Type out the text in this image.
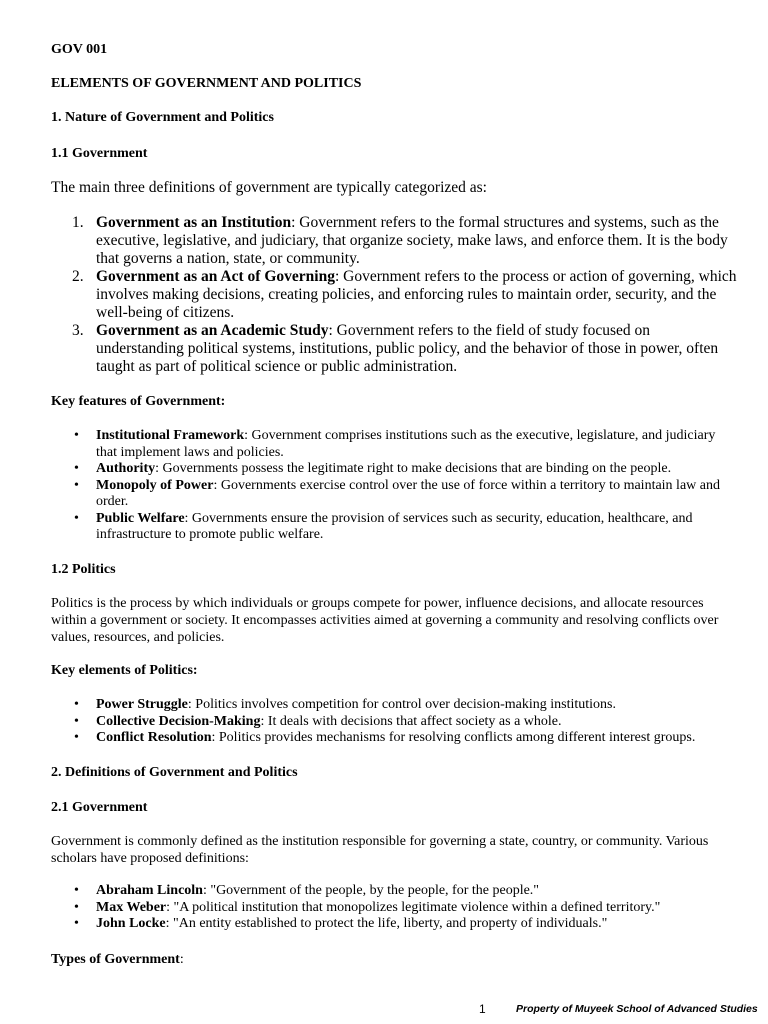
GOV 001

ELEMENTS OF GOVERNMENT AND POLITICS

1. Nature of Government and Politics

1.1 Government

The main three definitions of government are typically categorized as:

1. Government as an Institution: Government refers to the formal structures and systems, such as the executive, legislative, and judiciary, that organize society, make laws, and enforce them. It is the body that governs a nation, state, or community.
2. Government as an Act of Governing: Government refers to the process or action of governing, which involves making decisions, creating policies, and enforcing rules to maintain order, security, and the well-being of citizens.
3. Government as an Academic Study: Government refers to the field of study focused on understanding political systems, institutions, public policy, and the behavior of those in power, often taught as part of political science or public administration.

Key features of Government:

• Institutional Framework: Government comprises institutions such as the executive, legislature, and judiciary that implement laws and policies.
• Authority: Governments possess the legitimate right to make decisions that are binding on the people.
• Monopoly of Power: Governments exercise control over the use of force within a territory to maintain law and order.
• Public Welfare: Governments ensure the provision of services such as security, education, healthcare, and infrastructure to promote public welfare.

1.2 Politics

Politics is the process by which individuals or groups compete for power, influence decisions, and allocate resources within a government or society. It encompasses activities aimed at governing a community and resolving conflicts over values, resources, and policies.

Key elements of Politics:

• Power Struggle: Politics involves competition for control over decision-making institutions.
• Collective Decision-Making: It deals with decisions that affect society as a whole.
• Conflict Resolution: Politics provides mechanisms for resolving conflicts among different interest groups.

2. Definitions of Government and Politics

2.1 Government

Government is commonly defined as the institution responsible for governing a state, country, or community. Various scholars have proposed definitions:

• Abraham Lincoln: "Government of the people, by the people, for the people."
• Max Weber: "A political institution that monopolizes legitimate violence within a defined territory."
• John Locke: "An entity established to protect the life, liberty, and property of individuals."

Types of Government:

1	Property of Muyeek School of Advanced Studies
